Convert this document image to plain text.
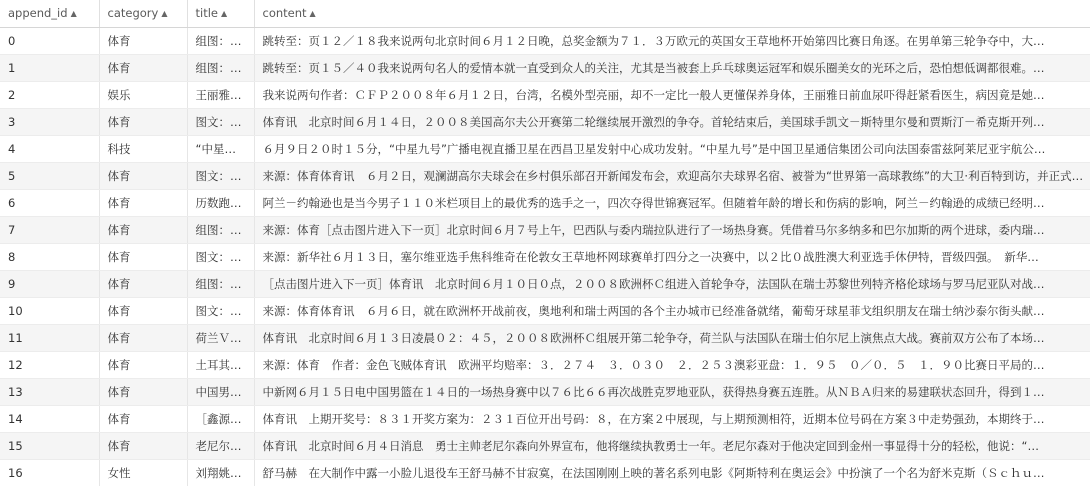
append_id ▲	category ▲	title ▲	content ▲
0	体育	组图：…	跳转至：页１２／１８我来说两句北京时间６月１２日晚，总奖金额为７１．３万欧元的英国女王草地杯开始第四比赛日角逐。在男单第三轮争夺中，大…
1	体育	组图：…	跳转至：页１５／４０我来说两句名人的爱情本就一直受到众人的关注，尤其是当被套上乒乓球奥运冠军和娱乐圈美女的光环之后，恐怕想低调都很难。…
2	娱乐	王丽雅…	我来说两句作者：ＣＦＰ２００８年６月１２日，台湾，名模外型亮丽，却不一定比一般人更懂保养身体，王丽雅日前血尿吓得赶紧看医生，病因竟是她…
3	体育	图文：…	体育讯　北京时间６月１４日，２００８美国高尔夫公开赛第二轮继续展开激烈的争夺。首轮结束后，美国球手凯文－斯特里尔曼和贾斯汀－希克斯开列…
4	科技	“中星…	６月９日２０时１５分，“中星九号”广播电视直播卫星在西昌卫星发射中心成功发射。“中星九号”是中国卫星通信集团公司向法国泰雷兹阿莱尼亚宇航公…
5	体育	图文：…	来源：体育体育讯　６月２日，观澜湖高尔夫球会在乡村俱乐部召开新闻发布会，欢迎高尔夫球界名宿、被誉为“世界第一高球教练”的大卫·利百特到访，并正式…
6	体育	历数跑…	阿兰－约翰逊也是当今男子１１０米栏项目上的最优秀的选手之一，四次夺得世锦赛冠军。但随着年龄的增长和伤病的影响，阿兰－约翰逊的成绩已经明…
7	体育	组图：…	来源：体育［点击图片进入下一页］北京时间６月７号上午，巴西队与委内瑞拉队进行了一场热身赛。凭借着马尔多纳多和巴尔加斯的两个进球，委内瑞…
8	体育	图文：…	来源：新华社６月１３日，塞尔维亚选手焦科维奇在伦敦女王草地杯网球赛单打四分之一决赛中，以２比０战胜澳大利亚选手休伊特，晋级四强。　新华…
9	体育	组图：…	［点击图片进入下一页］体育讯　北京时间６月１０日０点，２００８欧洲杯Ｃ组进入首轮争夺，法国队在瑞士苏黎世列特齐格伦球场与罗马尼亚队对战…
10	体育	图文：…	来源：体育体育讯　６月６日，就在欧洲杯开战前夜，奥地利和瑞士两国的各个主办城市已经准备就绪，葡萄牙球星菲戈组织朋友在瑞士纳沙泰尔街头献…
11	体育	荷兰Ｖ…	体育讯　北京时间６月１３日凌晨０２：４５，２００８欧洲杯Ｃ组展开第二轮争夺，荷兰队与法国队在瑞士伯尔尼上演焦点大战。赛前双方公布了本场…
12	体育	土耳其…	来源：体育　作者：金色飞贼体育讯　欧洲平均赔率：３．２７４　３．０３０　２．２５３澳彩亚盘：１．９５　０／０．５　１．９０比赛日平局的…
13	体育	中国男…	中新网６月１５日电中国男篮在１４日的一场热身赛中以７６比６６再次战胜克罗地亚队，获得热身赛五连胜。从ＮＢＡ归来的易建联状态回升，得到１…
14	体育	［鑫源…	体育讯　上期开奖号：８３１开奖方案为：２３１百位开出号码：８，在方案２中展现，与上期预测相符，近期本位号码在方案３中走势强劲，本期终于…
15	体育	老尼尔…	体育讯　北京时间６月４日消息　勇士主帅老尼尔森向外界宣布，他将继续执教勇士一年。老尼尔森对于他决定回到金州一事显得十分的轻松，他说：“…
16	女性	刘翔姚…	舒马赫　在大制作中露一小脸儿退役车王舒马赫不甘寂寞，在法国刚刚上映的著名系列电影《阿斯特利在奥运会》中扮演了一个名为舒米克斯（Ｓｃｈｕ…
